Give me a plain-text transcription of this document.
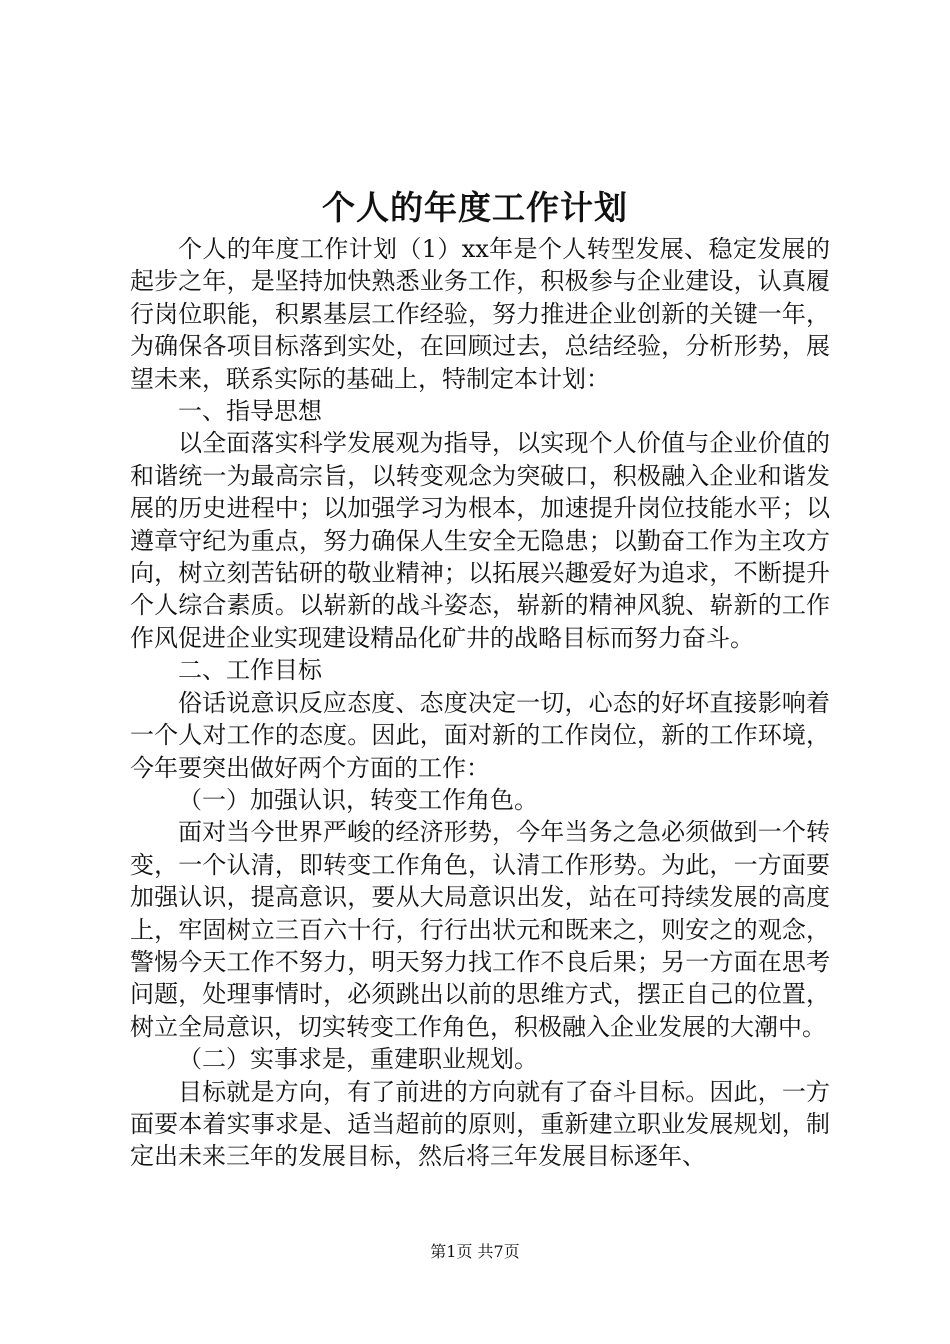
个人的年度工作计划

个人的年度工作计划（1）xx年是个人转型发展、稳定发展的起步之年，是坚持加快熟悉业务工作，积极参与企业建设，认真履行岗位职能，积累基层工作经验，努力推进企业创新的关键一年，为确保各项目标落到实处，在回顾过去，总结经验，分析形势，展望未来，联系实际的基础上，特制定本计划：

一、指导思想

以全面落实科学发展观为指导，以实现个人价值与企业价值的和谐统一为最高宗旨，以转变观念为突破口，积极融入企业和谐发展的历史进程中；以加强学习为根本，加速提升岗位技能水平；以遵章守纪为重点，努力确保人生安全无隐患；以勤奋工作为主攻方向，树立刻苦钻研的敬业精神；以拓展兴趣爱好为追求，不断提升个人综合素质。以崭新的战斗姿态，崭新的精神风貌、崭新的工作作风促进企业实现建设精品化矿井的战略目标而努力奋斗。

二、工作目标

俗话说意识反应态度、态度决定一切，心态的好坏直接影响着一个人对工作的态度。因此，面对新的工作岗位，新的工作环境，今年要突出做好两个方面的工作：

（一）加强认识，转变工作角色。

面对当今世界严峻的经济形势，今年当务之急必须做到一个转变，一个认清，即转变工作角色，认清工作形势。为此，一方面要加强认识，提高意识，要从大局意识出发，站在可持续发展的高度上，牢固树立三百六十行，行行出状元和既来之，则安之的观念，警惕今天工作不努力，明天努力找工作不良后果；另一方面在思考问题，处理事情时，必须跳出以前的思维方式，摆正自己的位置，树立全局意识，切实转变工作角色，积极融入企业发展的大潮中。

（二）实事求是，重建职业规划。

目标就是方向，有了前进的方向就有了奋斗目标。因此，一方面要本着实事求是、适当超前的原则，重新建立职业发展规划，制定出未来三年的发展目标，然后将三年发展目标逐年、

第1页 共7页
